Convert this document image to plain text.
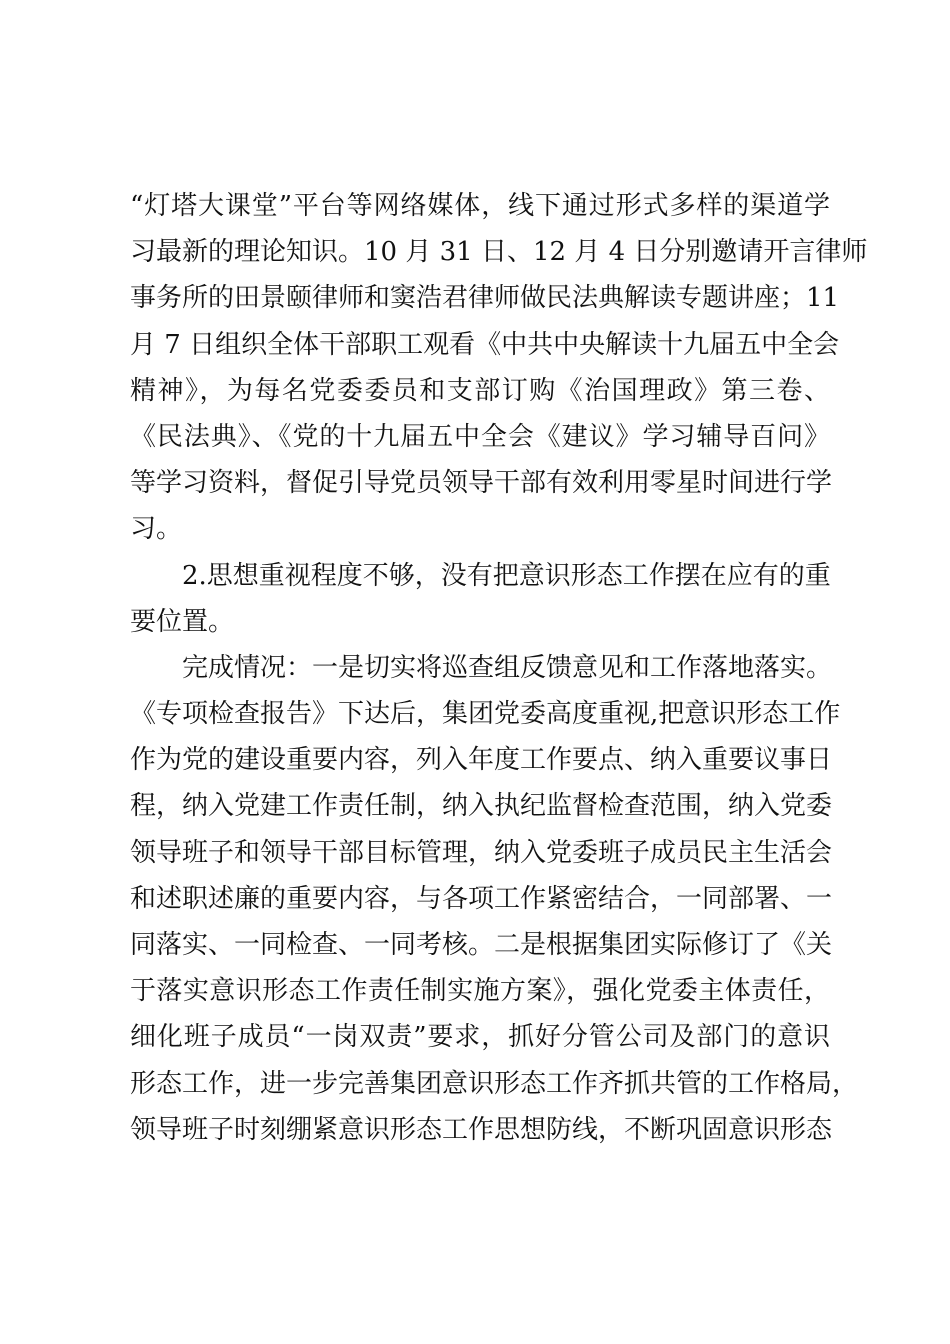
“灯塔大课堂”平台等网络媒体，线下通过形式多样的渠道学
习最新的理论知识。10 月 31 日、12 月 4 日分别邀请开言律师
事务所的田景颐律师和窦浩君律师做民法典解读专题讲座；11
月 7 日组织全体干部职工观看《中共中央解读十九届五中全会
精神》，为每名党委委员和支部订购《治国理政》第三卷、
《民法典》、《党的十九届五中全会《建议》学习辅导百问》
等学习资料，督促引导党员领导干部有效利用零星时间进行学
习。
2.思想重视程度不够，没有把意识形态工作摆在应有的重
要位置。
完成情况：一是切实将巡查组反馈意见和工作落地落实。
《专项检查报告》下达后，集团党委高度重视,把意识形态工作
作为党的建设重要内容，列入年度工作要点、纳入重要议事日
程，纳入党建工作责任制，纳入执纪监督检查范围，纳入党委
领导班子和领导干部目标管理，纳入党委班子成员民主生活会
和述职述廉的重要内容，与各项工作紧密结合，一同部署、一
同落实、一同检查、一同考核。二是根据集团实际修订了《关
于落实意识形态工作责任制实施方案》，强化党委主体责任，
细化班子成员“一岗双责”要求，抓好分管公司及部门的意识
形态工作，进一步完善集团意识形态工作齐抓共管的工作格局，
领导班子时刻绷紧意识形态工作思想防线，不断巩固意识形态
